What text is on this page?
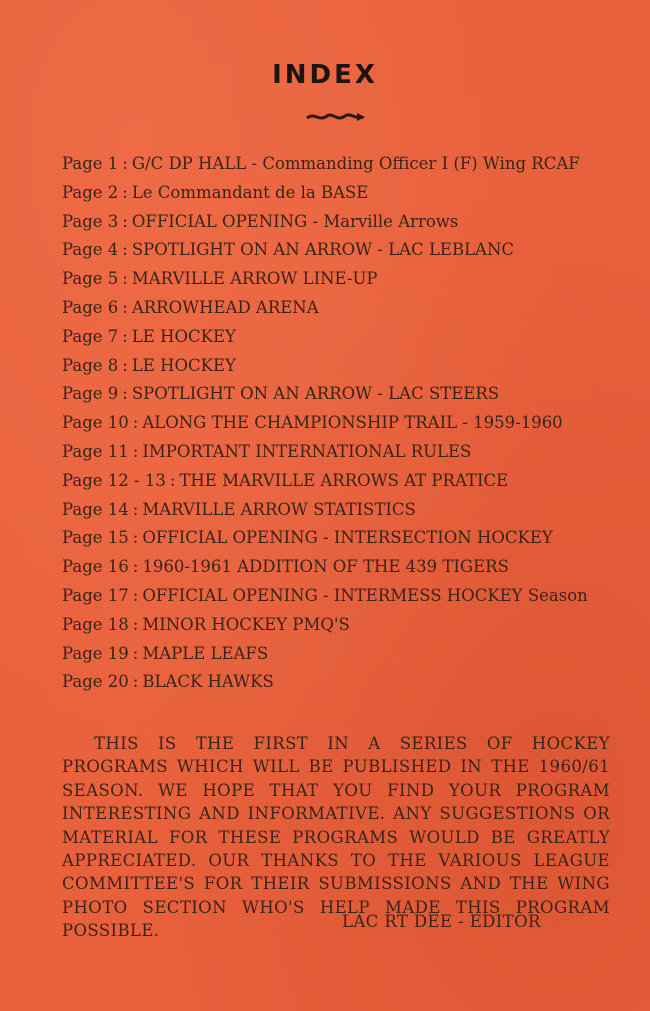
INDEX
Page 1 : G/C DP HALL - Commanding Officer I (F) Wing RCAF
Page 2 : Le Commandant de la BASE
Page 3 : OFFICIAL OPENING - Marville Arrows
Page 4 : SPOTLIGHT ON AN ARROW - LAC LEBLANC
Page 5 : MARVILLE ARROW LINE-UP
Page 6 : ARROWHEAD ARENA
Page 7 : LE HOCKEY
Page 8 : LE HOCKEY
Page 9 : SPOTLIGHT ON AN ARROW - LAC STEERS
Page 10 : ALONG THE CHAMPIONSHIP TRAIL - 1959-1960
Page 11 : IMPORTANT INTERNATIONAL RULES
Page 12 - 13 : THE MARVILLE ARROWS AT PRATICE
Page 14 : MARVILLE ARROW STATISTICS
Page 15 : OFFICIAL OPENING - INTERSECTION HOCKEY
Page 16 : 1960-1961 ADDITION OF THE 439 TIGERS
Page 17 : OFFICIAL OPENING - INTERMESS HOCKEY Season
Page 18 : MINOR HOCKEY PMQ'S
Page 19 : MAPLE LEAFS
Page 20 : BLACK HAWKS
THIS IS THE FIRST IN A SERIES OF HOCKEY PROGRAMS WHICH WILL BE PUBLISHED IN THE 1960/61 SEASON. WE HOPE THAT YOU FIND YOUR PROGRAM INTERESTING AND INFORMATIVE. ANY SUGGESTIONS OR MATERIAL FOR THESE PROGRAMS WOULD BE GREATLY APPRECIATED. OUR THANKS TO THE VARIOUS LEAGUE COMMITTEE'S FOR THEIR SUBMISSIONS AND THE WING PHOTO SECTION WHO'S HELP MADE THIS PROGRAM POSSIBLE.	LAC RT DEE - EDITOR
